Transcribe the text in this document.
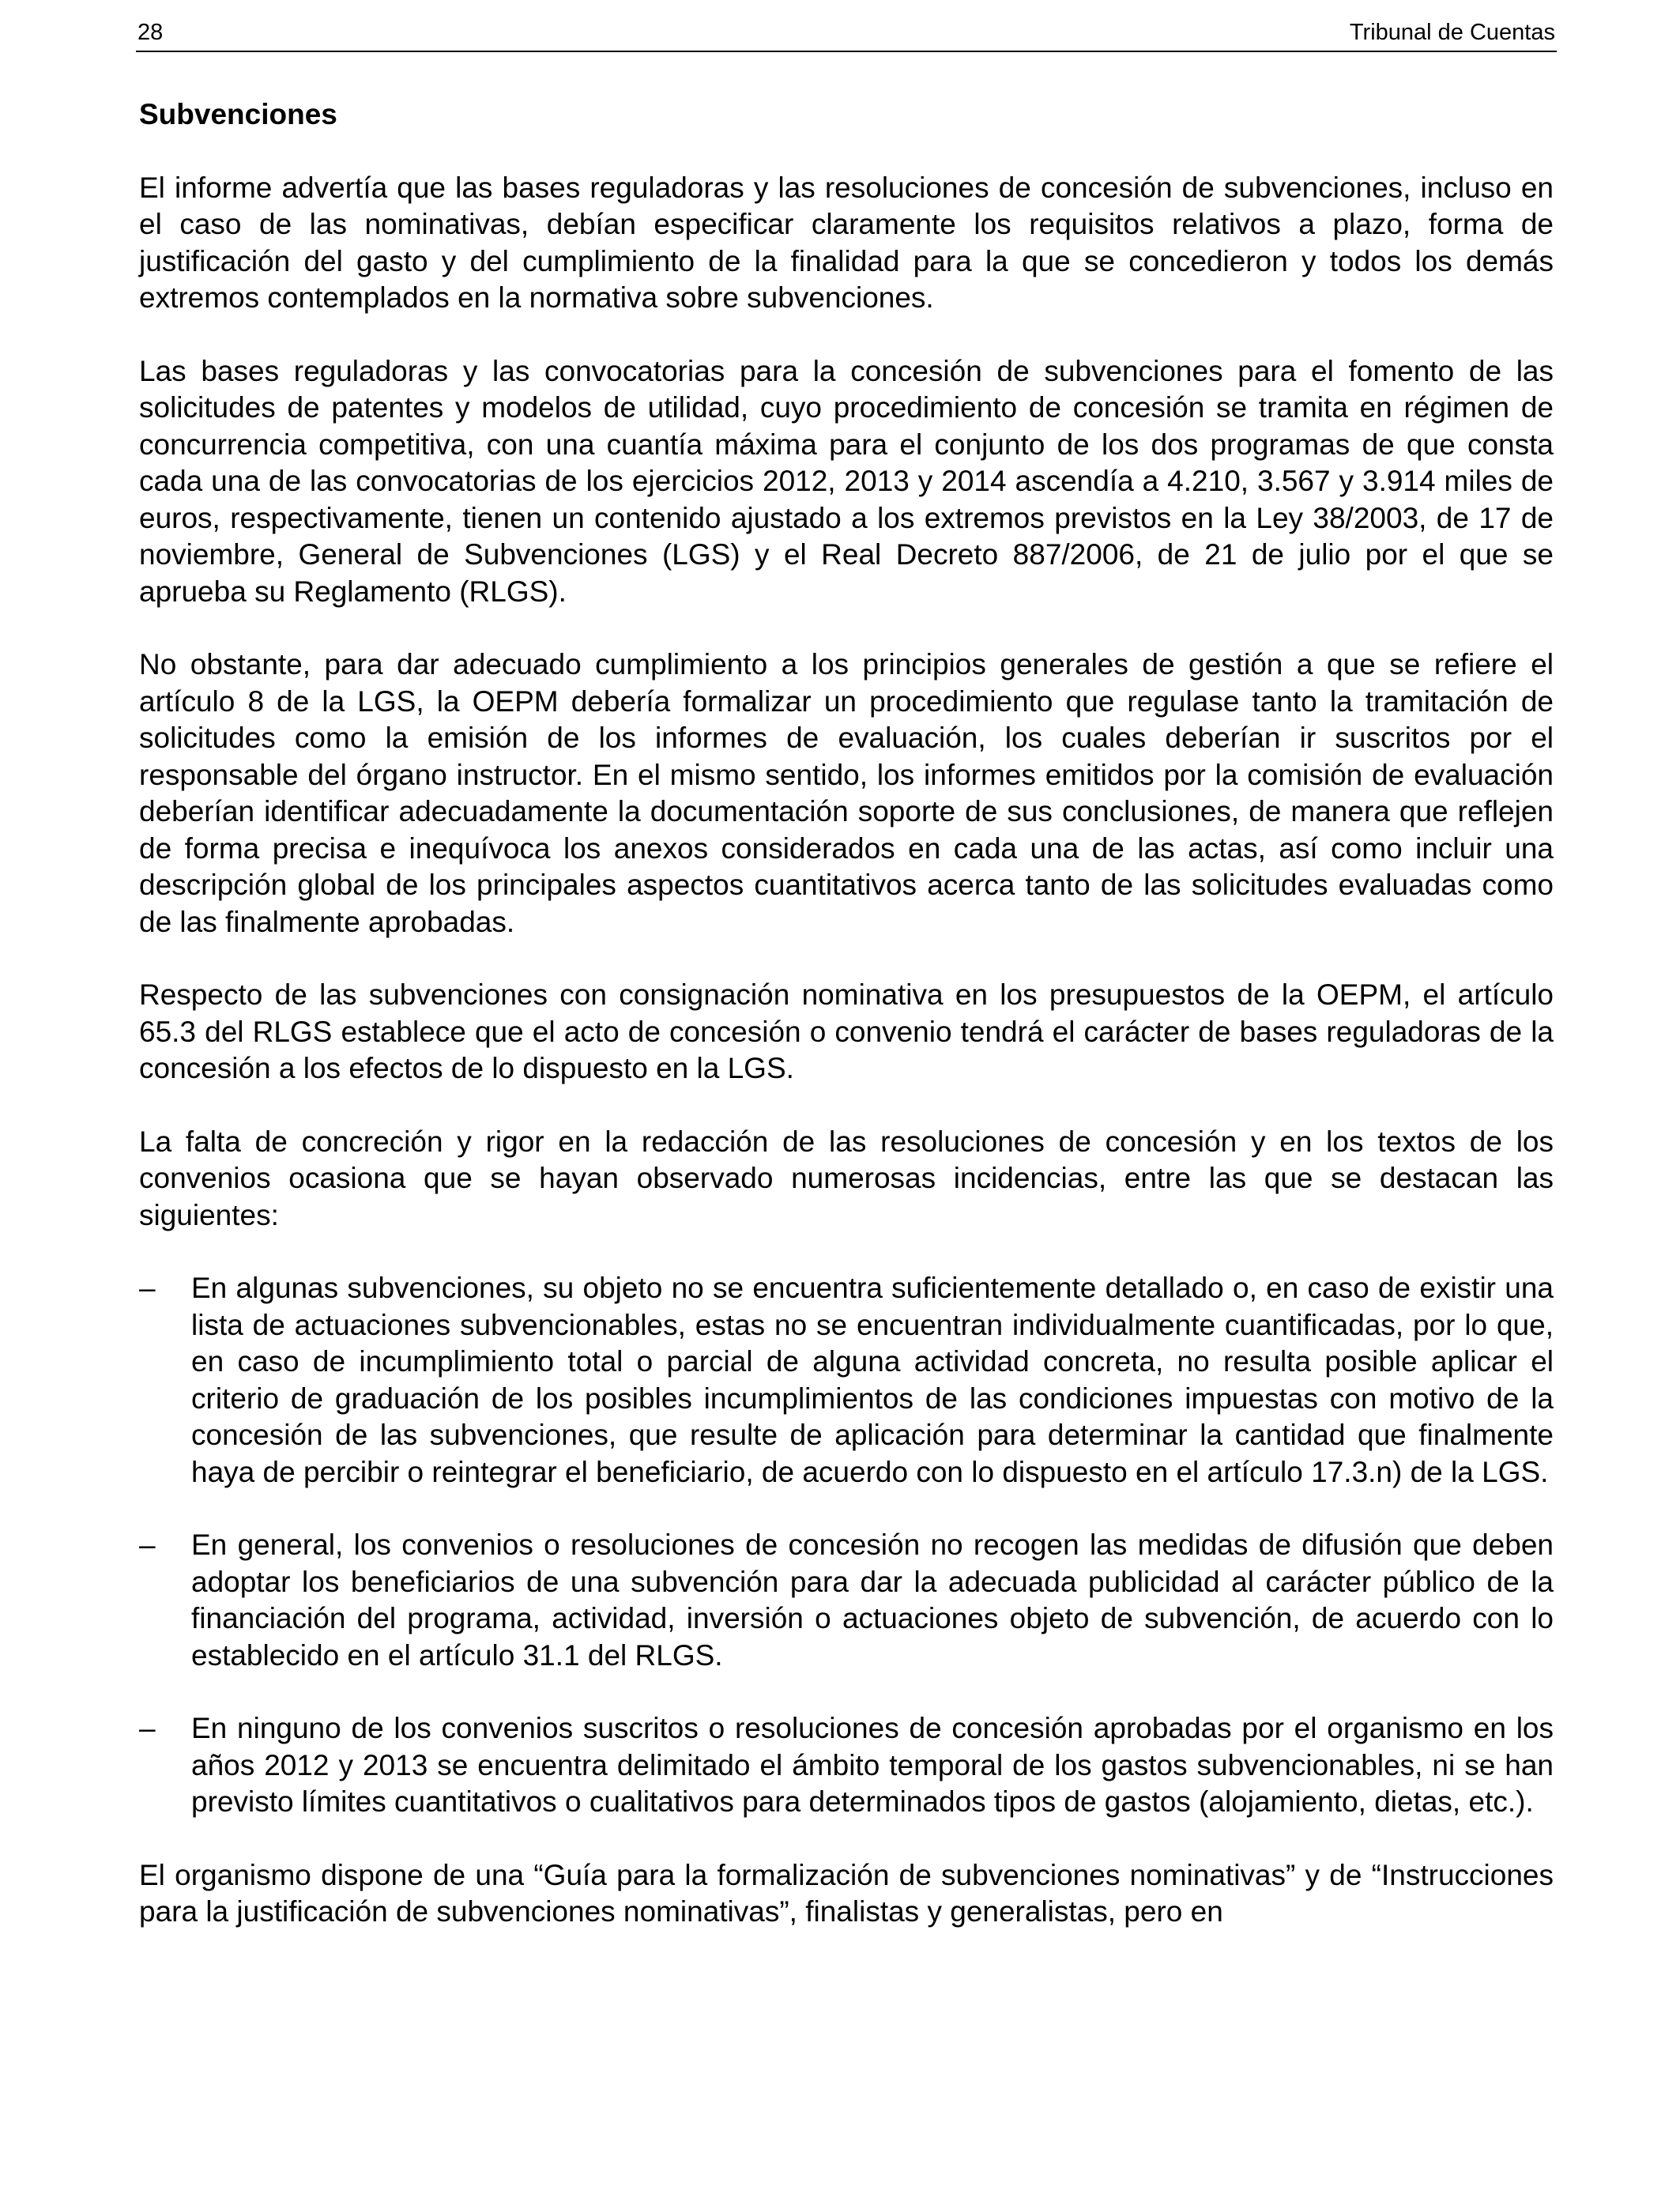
28	Tribunal de Cuentas
Subvenciones

El informe advertía que las bases reguladoras y las resoluciones de concesión de subvenciones, incluso en el caso de las nominativas, debían especificar claramente los requisitos relativos a plazo, forma de justificación del gasto y del cumplimiento de la finalidad para la que se concedieron y todos los demás extremos contemplados en la normativa sobre subvenciones.

Las bases reguladoras y las convocatorias para la concesión de subvenciones para el fomento de las solicitudes de patentes y modelos de utilidad, cuyo procedimiento de concesión se tramita en régimen de concurrencia competitiva, con una cuantía máxima para el conjunto de los dos programas de que consta cada una de las convocatorias de los ejercicios 2012, 2013 y 2014 ascendía a 4.210, 3.567 y 3.914 miles de euros, respectivamente, tienen un contenido ajustado a los extremos previstos en la Ley 38/2003, de 17 de noviembre, General de Subvenciones (LGS) y el Real Decreto 887/2006, de 21 de julio por el que se aprueba su Reglamento (RLGS).

No obstante, para dar adecuado cumplimiento a los principios generales de gestión a que se refiere el artículo 8 de la LGS, la OEPM debería formalizar un procedimiento que regulase tanto la tramitación de solicitudes como la emisión de los informes de evaluación, los cuales deberían ir suscritos por el responsable del órgano instructor. En el mismo sentido, los informes emitidos por la comisión de evaluación deberían identificar adecuadamente la documentación soporte de sus conclusiones, de manera que reflejen de forma precisa e inequívoca los anexos considerados en cada una de las actas, así como incluir una descripción global de los principales aspectos cuantitativos acerca tanto de las solicitudes evaluadas como de las finalmente aprobadas.

Respecto de las subvenciones con consignación nominativa en los presupuestos de la OEPM, el artículo 65.3 del RLGS establece que el acto de concesión o convenio tendrá el carácter de bases reguladoras de la concesión a los efectos de lo dispuesto en la LGS.

La falta de concreción y rigor en la redacción de las resoluciones de concesión y en los textos de los convenios ocasiona que se hayan observado numerosas incidencias, entre las que se destacan las siguientes:

– En algunas subvenciones, su objeto no se encuentra suficientemente detallado o, en caso de existir una lista de actuaciones subvencionables, estas no se encuentran individualmente cuantificadas, por lo que, en caso de incumplimiento total o parcial de alguna actividad concreta, no resulta posible aplicar el criterio de graduación de los posibles incumplimientos de las condiciones impuestas con motivo de la concesión de las subvenciones, que resulte de aplicación para determinar la cantidad que finalmente haya de percibir o reintegrar el beneficiario, de acuerdo con lo dispuesto en el artículo 17.3.n) de la LGS.
– En general, los convenios o resoluciones de concesión no recogen las medidas de difusión que deben adoptar los beneficiarios de una subvención para dar la adecuada publicidad al carácter público de la financiación del programa, actividad, inversión o actuaciones objeto de subvención, de acuerdo con lo establecido en el artículo 31.1 del RLGS.
– En ninguno de los convenios suscritos o resoluciones de concesión aprobadas por el organismo en los años 2012 y 2013 se encuentra delimitado el ámbito temporal de los gastos subvencionables, ni se han previsto límites cuantitativos o cualitativos para determinados tipos de gastos (alojamiento, dietas, etc.).

El organismo dispone de una “Guía para la formalización de subvenciones nominativas” y de “Instrucciones para la justificación de subvenciones nominativas”, finalistas y generalistas, pero en
